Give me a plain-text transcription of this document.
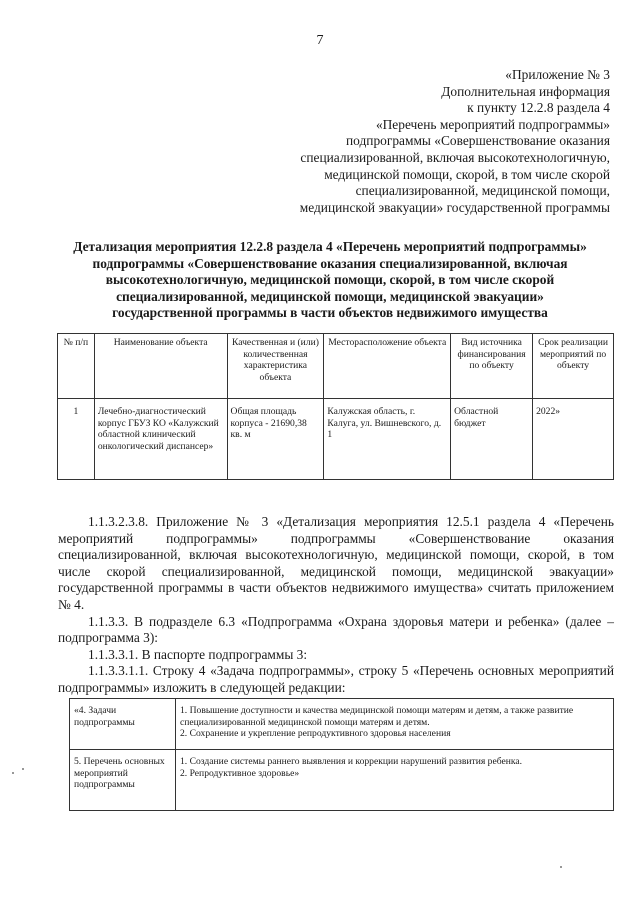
7
«Приложение № 3
Дополнительная информация
к пункту 12.2.8 раздела 4
«Перечень мероприятий подпрограммы»
подпрограммы «Совершенствование оказания
специализированной, включая высокотехнологичную,
медицинской помощи, скорой, в том числе скорой
специализированной, медицинской помощи,
медицинской эвакуации» государственной программы
Детализация мероприятия 12.2.8 раздела 4 «Перечень мероприятий подпрограммы»
подпрограммы «Совершенствование оказания специализированной, включая
высокотехнологичную, медицинской помощи, скорой, в том числе скорой
специализированной, медицинской помощи, медицинской эвакуации»
государственной программы в части объектов недвижимого имущества
№ п/п	Наименование объекта	Качественная и (или) количественная характеристика объекта	Месторасположение объекта	Вид источника финансирования по объекту	Срок реализации мероприятий по объекту
1	Лечебно-диагностический корпус ГБУЗ КО «Калужский областной клинический онкологический диспансер»	Общая площадь корпуса - 21690,38 кв. м	Калужская область, г. Калуга, ул. Вишневского, д. 1	Областной бюджет	2022»

1.1.3.2.3.8. Приложение № 3 «Детализация мероприятия 12.5.1 раздела 4 «Перечень мероприятий подпрограммы» подпрограммы «Совершенствование оказания специализированной, включая высокотехнологичную, медицинской помощи, скорой, в том числе скорой специализированной, медицинской помощи, медицинской эвакуации» государственной программы в части объектов недвижимого имущества» считать приложением № 4.

1.1.3.3. В подразделе 6.3 «Подпрограмма «Охрана здоровья матери и ребенка» (далее – подпрограмма 3):

1.1.3.3.1. В паспорте подпрограммы 3:

1.1.3.3.1.1. Строку 4 «Задача подпрограммы», строку 5 «Перечень основных мероприятий подпрограммы» изложить в следующей редакции:

«4. Задачи подпрограммы	1. Повышение доступности и качества медицинской помощи матерям и детям, а также развитие специализированной медицинской помощи матерям и детям.
2. Сохранение и укрепление репродуктивного здоровья населения

5. Перечень основных мероприятий подпрограммы	1. Создание системы раннего выявления и коррекции нарушений развития ребенка.
2. Репродуктивное здоровье»
